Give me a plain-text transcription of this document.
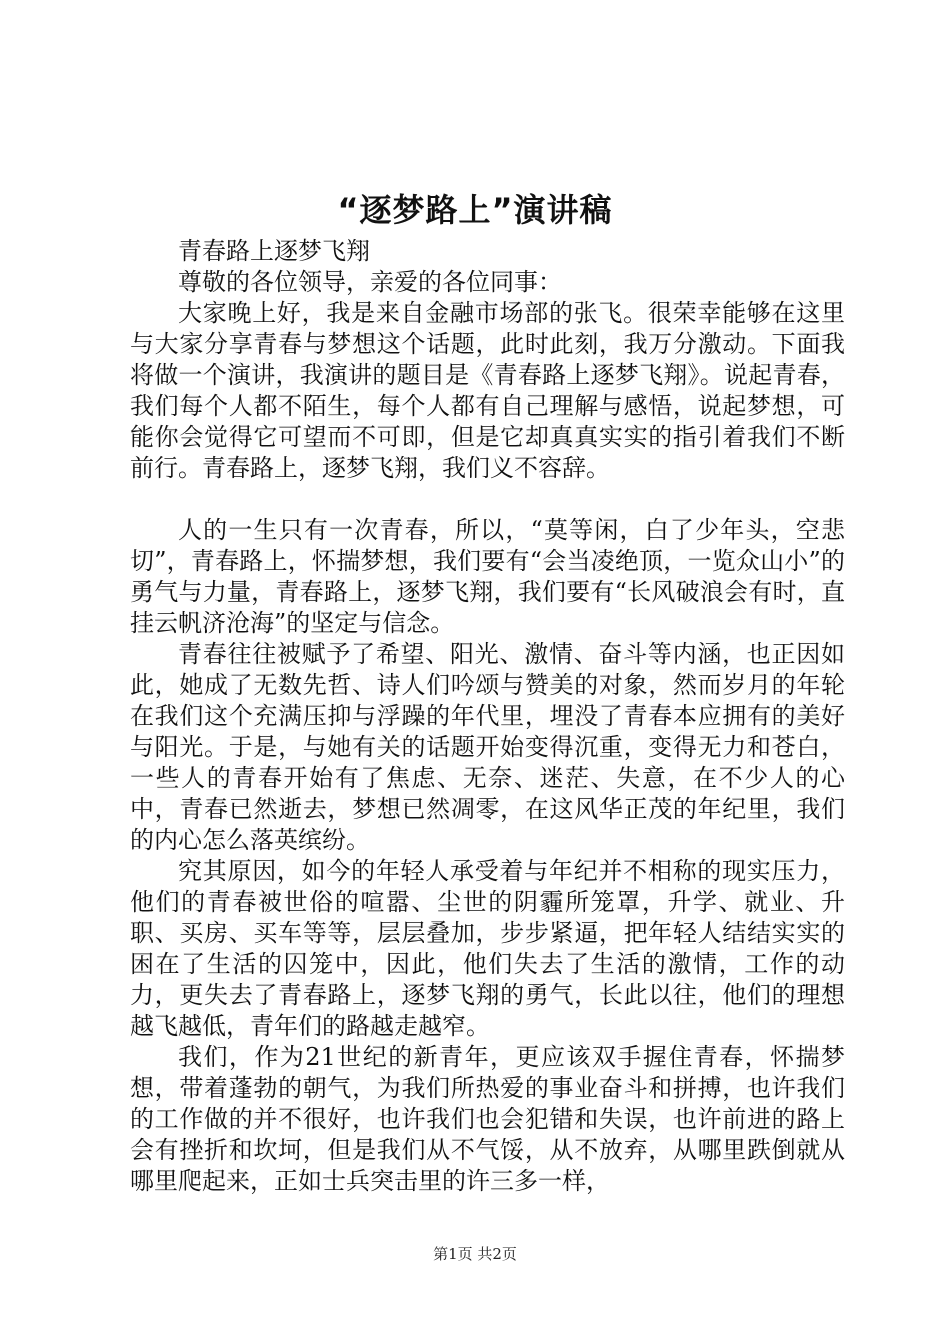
“逐梦路上”演讲稿

青春路上逐梦飞翔

尊敬的各位领导，亲爱的各位同事：

大家晚上好，我是来自金融市场部的张飞。很荣幸能够在这里与大家分享青春与梦想这个话题，此时此刻，我万分激动。下面我将做一个演讲，我演讲的题目是《青春路上逐梦飞翔》。说起青春，我们每个人都不陌生，每个人都有自己理解与感悟，说起梦想，可能你会觉得它可望而不可即，但是它却真真实实的指引着我们不断前行。青春路上，逐梦飞翔，我们义不容辞。

人的一生只有一次青春，所以，“莫等闲，白了少年头，空悲切”，青春路上，怀揣梦想，我们要有“会当凌绝顶，一览众山小”的勇气与力量，青春路上，逐梦飞翔，我们要有“长风破浪会有时，直挂云帆济沧海”的坚定与信念。

青春往往被赋予了希望、阳光、激情、奋斗等内涵，也正因如此，她成了无数先哲、诗人们吟颂与赞美的对象，然而岁月的年轮在我们这个充满压抑与浮躁的年代里，埋没了青春本应拥有的美好与阳光。于是，与她有关的话题开始变得沉重，变得无力和苍白，一些人的青春开始有了焦虑、无奈、迷茫、失意，在不少人的心中，青春已然逝去，梦想已然凋零，在这风华正茂的年纪里，我们的内心怎么落英缤纷。

究其原因，如今的年轻人承受着与年纪并不相称的现实压力，他们的青春被世俗的喧嚣、尘世的阴霾所笼罩，升学、就业、升职、买房、买车等等，层层叠加，步步紧逼，把年轻人结结实实的困在了生活的囚笼中，因此，他们失去了生活的激情，工作的动力，更失去了青春路上，逐梦飞翔的勇气，长此以往，他们的理想越飞越低，青年们的路越走越窄。

我们，作为21世纪的新青年，更应该双手握住青春，怀揣梦想，带着蓬勃的朝气，为我们所热爱的事业奋斗和拼搏，也许我们的工作做的并不很好，也许我们也会犯错和失误，也许前进的路上会有挫折和坎坷，但是我们从不气馁，从不放弃，从哪里跌倒就从哪里爬起来，正如士兵突击里的许三多一样，

第1页 共2页
